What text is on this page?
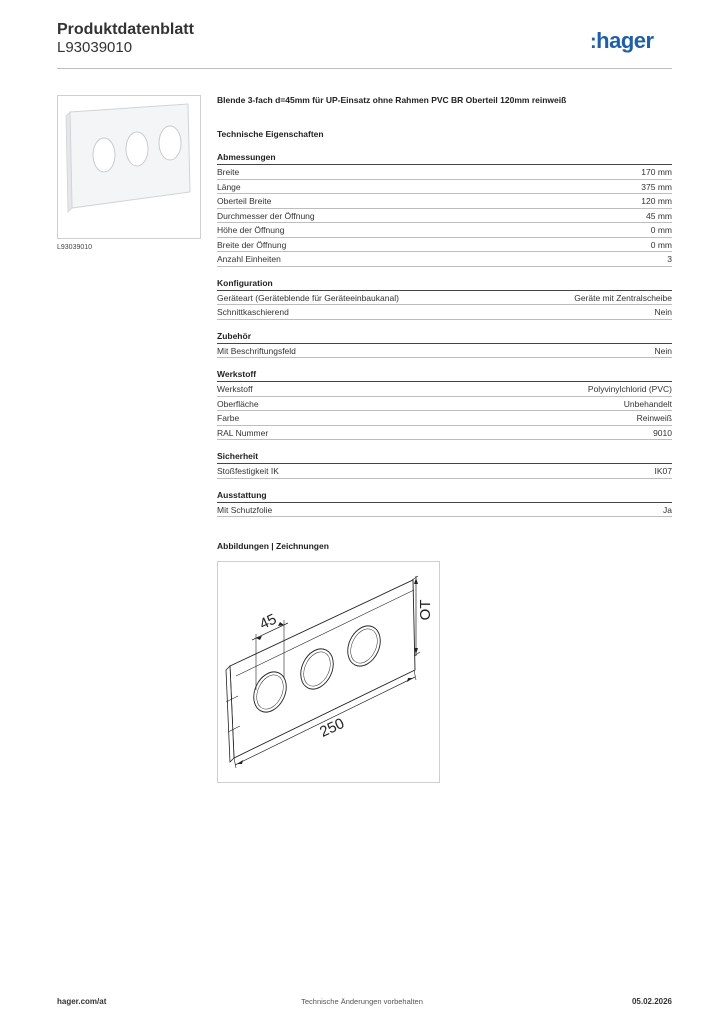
Produktdatenblatt
L93039010	:hager
L93039010
Blende 3-fach d=45mm für UP-Einsatz ohne Rahmen PVC BR Oberteil 120mm reinweiß
Technische Eigenschaften
Abmessungen
Breite	170 mm
Länge	375 mm
Oberteil Breite	120 mm
Durchmesser der Öffnung	45 mm
Höhe der Öffnung	0 mm
Breite der Öffnung	0 mm
Anzahl Einheiten	3
Konfiguration
Geräteart (Geräteblende für Geräteeinbaukanal)	Geräte mit Zentralscheibe
Schnittkaschierend	Nein
Zubehör
Mit Beschriftungsfeld	Nein
Werkstoff
Werkstoff	Polyvinylchlorid (PVC)
Oberfläche	Unbehandelt
Farbe	Reinweiß
RAL Nummer	9010
Sicherheit
Stoßfestigkeit IK	IK07
Ausstattung
Mit Schutzfolie	Ja
Abbildungen | Zeichnungen
45
OT
250
Technische Änderungen vorbehalten
hager.com/at	05.02.2026
